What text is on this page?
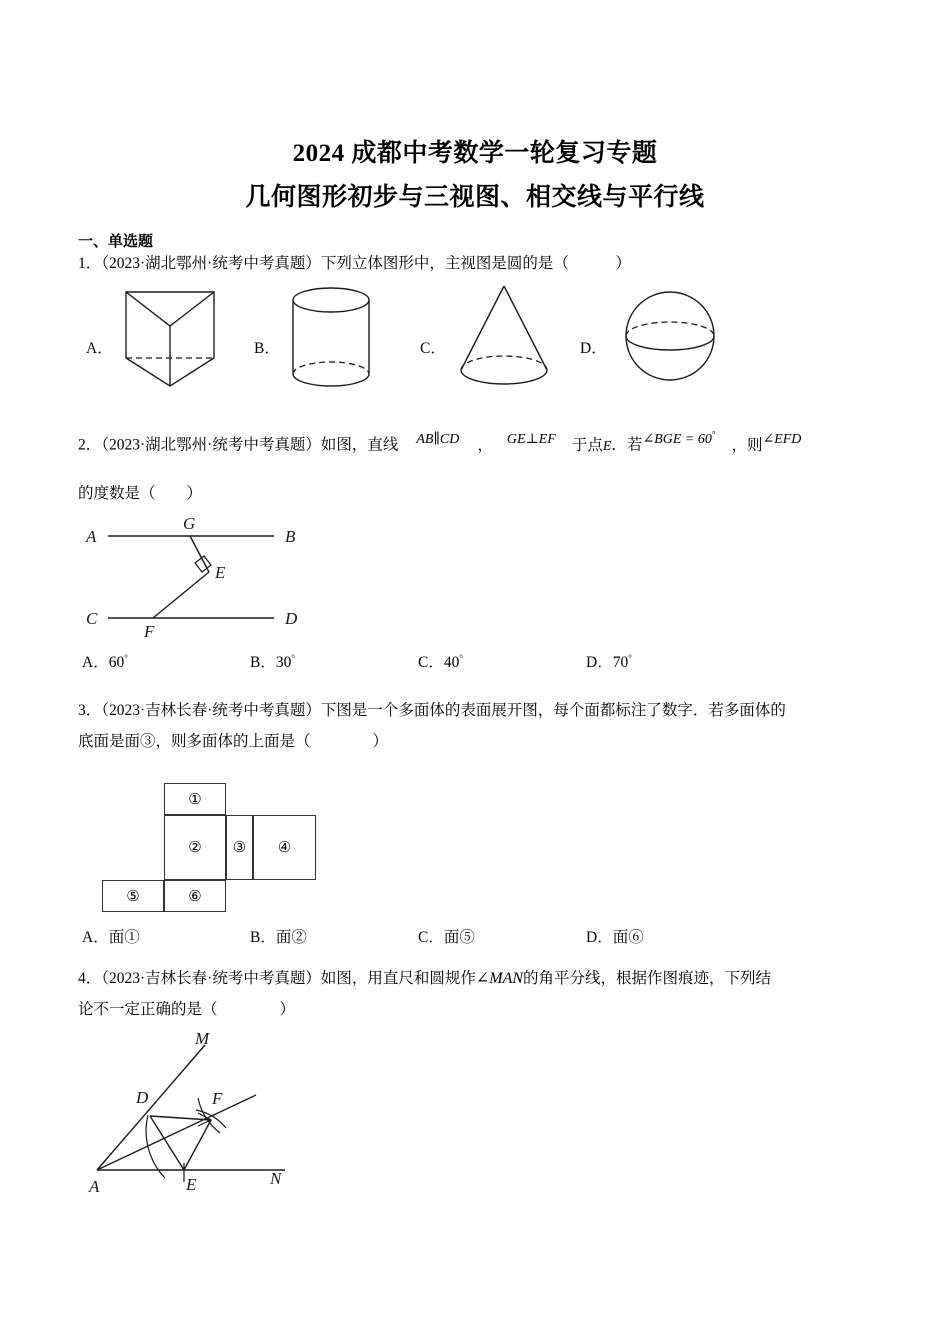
2024 成都中考数学一轮复习专题
几何图形初步与三视图、相交线与平行线
一、单选题
1．（2023·湖北鄂州·统考中考真题）下列立体图形中，主视图是圆的是（　　　）
A．	B．	C．	D．
2．（2023·湖北鄂州·统考中考真题）如图，直线 AB∥CD ， GE⊥EF 于点E．若∠BGE = 60°，则∠EFD
的度数是（　　）
A	B
C	D
G
E
F
A．60°	B．30°	C．40°	D．70°
3．（2023·吉林长春·统考中考真题）下图是一个多面体的表面展开图，每个面都标注了数字．若多面体的
底面是面③，则多面体的上面是（　　　　）
①
② ③ ④
⑤	⑥
A．面①	B．面②	C．面⑤	D．面⑥
4．（2023·吉林长春·统考中考真题）如图，用直尺和圆规作∠MAN的角平分线，根据作图痕迹，下列结
论不一定正确的是（　　　　）
M
N
A
D
E
F
